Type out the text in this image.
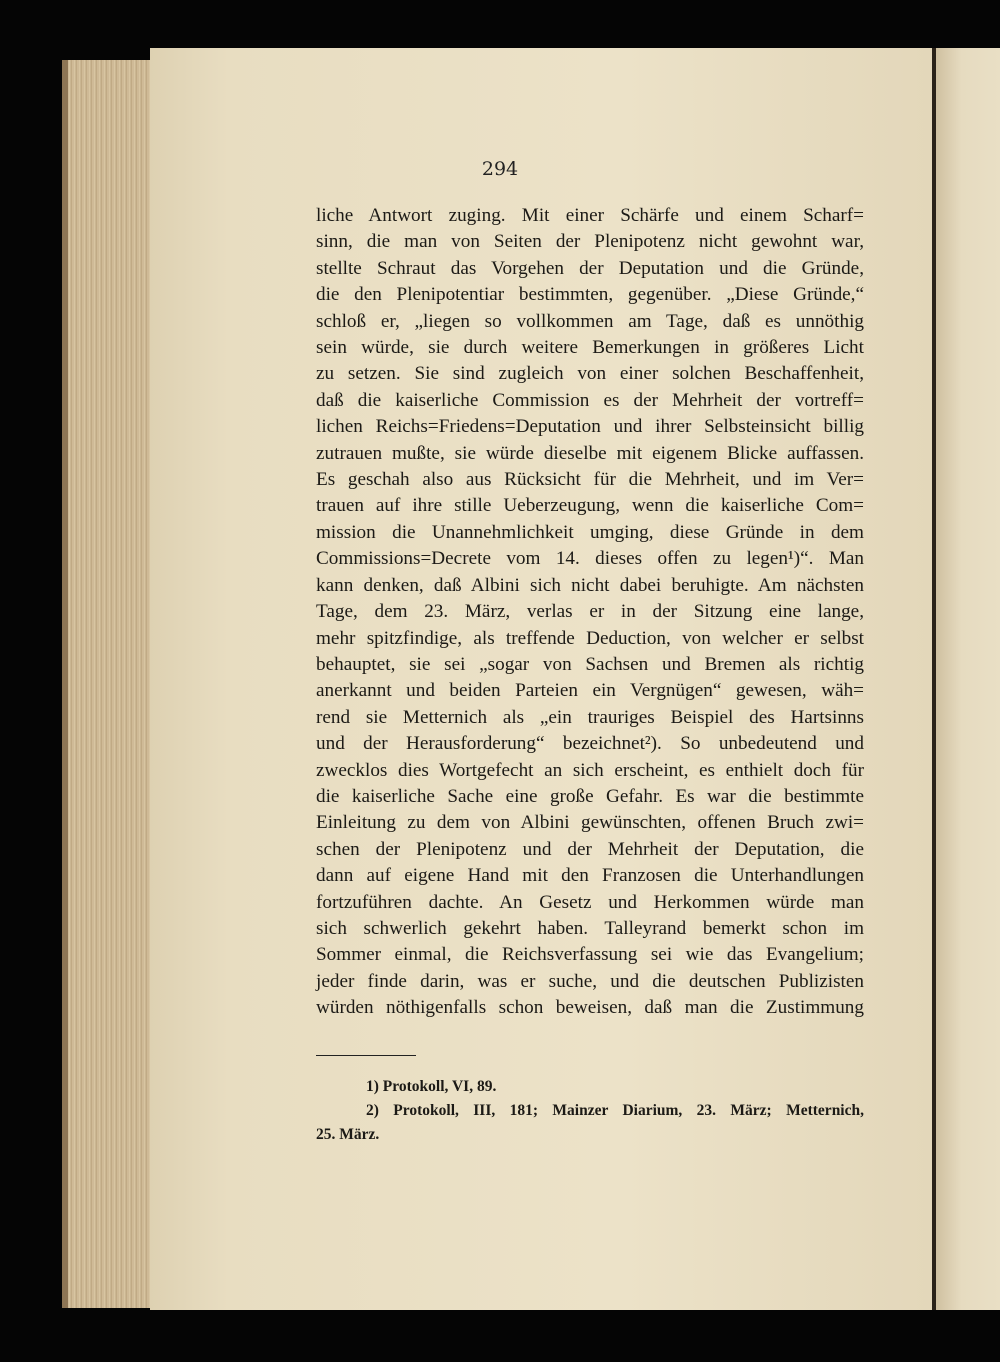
294
liche Antwort zuging. Mit einer Schärfe und einem Scharf=
sinn, die man von Seiten der Plenipotenz nicht gewohnt war,
stellte Schraut das Vorgehen der Deputation und die Gründe,
die den Plenipotentiar bestimmten, gegenüber. „Diese Gründe,“
schloß er, „liegen so vollkommen am Tage, daß es unnöthig
sein würde, sie durch weitere Bemerkungen in größeres Licht
zu setzen. Sie sind zugleich von einer solchen Beschaffenheit,
daß die kaiserliche Commission es der Mehrheit der vortreff=
lichen Reichs=Friedens=Deputation und ihrer Selbsteinsicht billig
zutrauen mußte, sie würde dieselbe mit eigenem Blicke auffassen.
Es geschah also aus Rücksicht für die Mehrheit, und im Ver=
trauen auf ihre stille Ueberzeugung, wenn die kaiserliche Com=
mission die Unannehmlichkeit umging, diese Gründe in dem
Commissions=Decrete vom 14. dieses offen zu legen¹)“. Man
kann denken, daß Albini sich nicht dabei beruhigte. Am nächsten
Tage, dem 23. März, verlas er in der Sitzung eine lange,
mehr spitzfindige, als treffende Deduction, von welcher er selbst
behauptet, sie sei „sogar von Sachsen und Bremen als richtig
anerkannt und beiden Parteien ein Vergnügen“ gewesen, wäh=
rend sie Metternich als „ein trauriges Beispiel des Hartsinns
und der Herausforderung“ bezeichnet²). So unbedeutend und
zwecklos dies Wortgefecht an sich erscheint, es enthielt doch für
die kaiserliche Sache eine große Gefahr. Es war die bestimmte
Einleitung zu dem von Albini gewünschten, offenen Bruch zwi=
schen der Plenipotenz und der Mehrheit der Deputation, die
dann auf eigene Hand mit den Franzosen die Unterhandlungen
fortzuführen dachte. An Gesetz und Herkommen würde man
sich schwerlich gekehrt haben. Talleyrand bemerkt schon im
Sommer einmal, die Reichsverfassung sei wie das Evangelium;
jeder finde darin, was er suche, und die deutschen Publizisten
würden nöthigenfalls schon beweisen, daß man die Zustimmung
1) Protokoll, VI, 89.
2) Protokoll, III, 181; Mainzer Diarium, 23. März; Metternich,
25. März.
